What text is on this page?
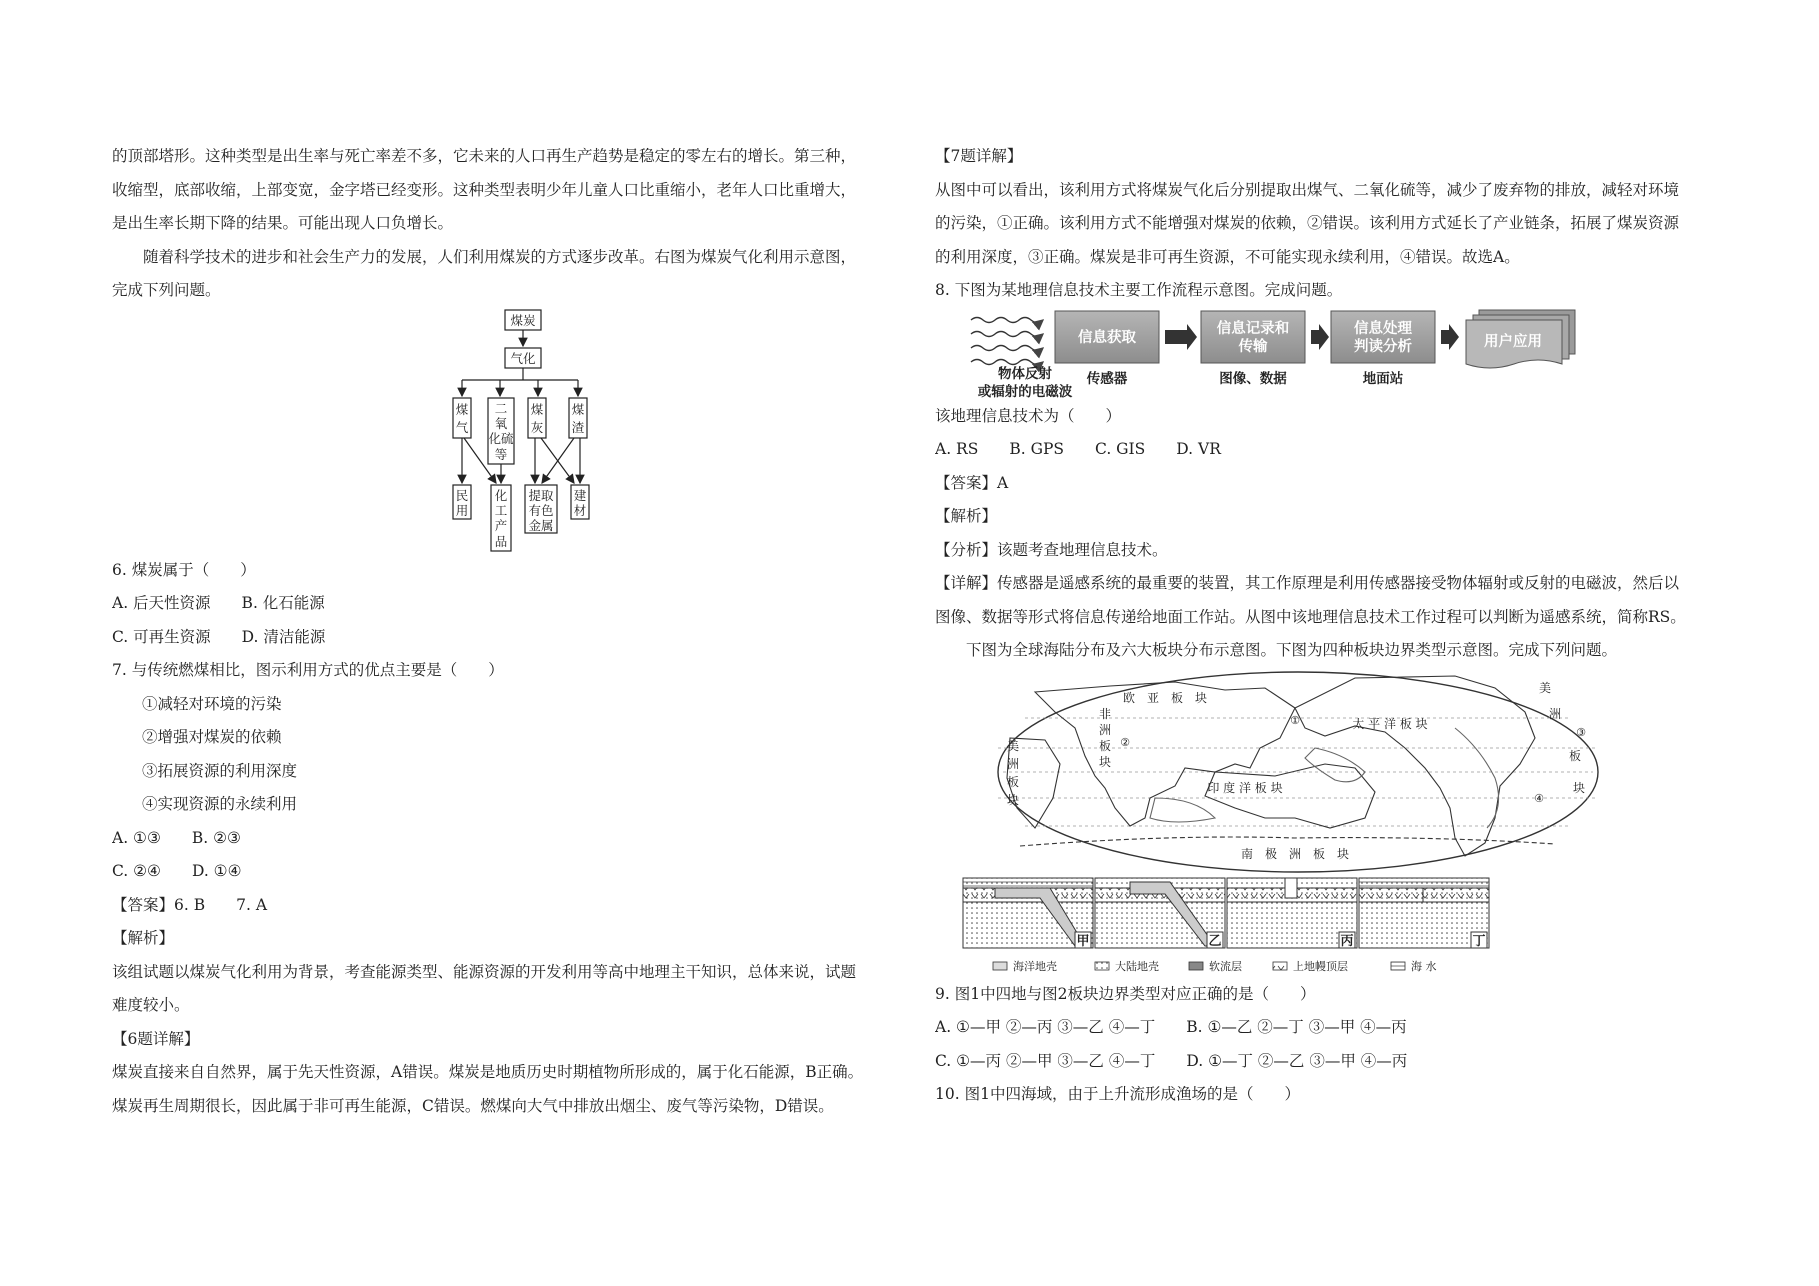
的顶部塔形。这种类型是出生率与死亡率差不多，它未来的人口再生产趋势是稳定的零左右的增长。第三种，
收缩型，底部收缩，上部变宽，金字塔已经变形。这种类型表明少年儿童人口比重缩小，老年人口比重增大，
是出生率长期下降的结果。可能出现人口负增长。
随着科学技术的进步和社会生产力的发展，人们利用煤炭的方式逐步改革。右图为煤炭气化利用示意图，
完成下列问题。
煤炭
气化
煤
气
二
氧
化硫
等
煤
灰
煤
渣
民
用
化
工
产
品
提取
有色
金属
建
材
6. 煤炭属于（　　）
A. 后天性资源　　B. 化石能源
C. 可再生资源　　D. 清洁能源
7. 与传统燃煤相比，图示利用方式的优点主要是（　　）
①减轻对环境的污染
②增强对煤炭的依赖
③拓展资源的利用深度
④实现资源的永续利用
A. ①③　　B. ②③
C. ②④　　D. ①④
【答案】6. B　　7. A
【解析】
该组试题以煤炭气化利用为背景，考查能源类型、能源资源的开发利用等高中地理主干知识，总体来说，试题
难度较小。
【6题详解】
煤炭直接来自自然界，属于先天性资源，A错误。煤炭是地质历史时期植物所形成的，属于化石能源，B正确。
煤炭再生周期很长，因此属于非可再生能源，C错误。燃煤向大气中排放出烟尘、废气等污染物，D错误。
【7题详解】
从图中可以看出，该利用方式将煤炭气化后分别提取出煤气、二氧化硫等，减少了废弃物的排放，减轻对环境
的污染，①正确。该利用方式不能增强对煤炭的依赖，②错误。该利用方式延长了产业链条，拓展了煤炭资源
的利用深度，③正确。煤炭是非可再生资源，不可能实现永续利用，④错误。故选A。
8. 下图为某地理信息技术主要工作流程示意图。完成问题。
信息获取
信息记录和
传输
信息处理
判读分析	用户应用
物体反射
或辐射的电磁波
传感器	图像、数据	地面站
该地理信息技术为（　　）
A. RS　　B. GPS　　C. GIS　　D. VR
【答案】A
【解析】
【分析】该题考查地理信息技术。
【详解】传感器是遥感系统的最重要的装置，其工作原理是利用传感器接受物体辐射或反射的电磁波，然后以
图像、数据等形式将信息传递给地面工作站。从图中该地理信息技术工作过程可以判断为遥感系统，简称RS。
下图为全球海陆分布及六大板块分布示意图。下图为四种板块边界类型示意图。完成下列问题。
欧　亚　板　块
太 平 洋 板 块
印 度 洋 板 块
南　极　洲　板　块
非
洲
板
块
美
洲
板
块
美
洲
板
块
①
②
③
④
甲	乙	丙	丁
海洋地壳	大陆地壳	软流层	上地幔顶层	海 水
9. 图1中四地与图2板块边界类型对应正确的是（　　）
A. ①—甲 ②—丙 ③—乙 ④—丁　　B. ①—乙 ②—丁 ③—甲 ④—丙
C. ①—丙 ②—甲 ③—乙 ④—丁　　D. ①—丁 ②—乙 ③—甲 ④—丙
10. 图1中四海域，由于上升流形成渔场的是（　　）
